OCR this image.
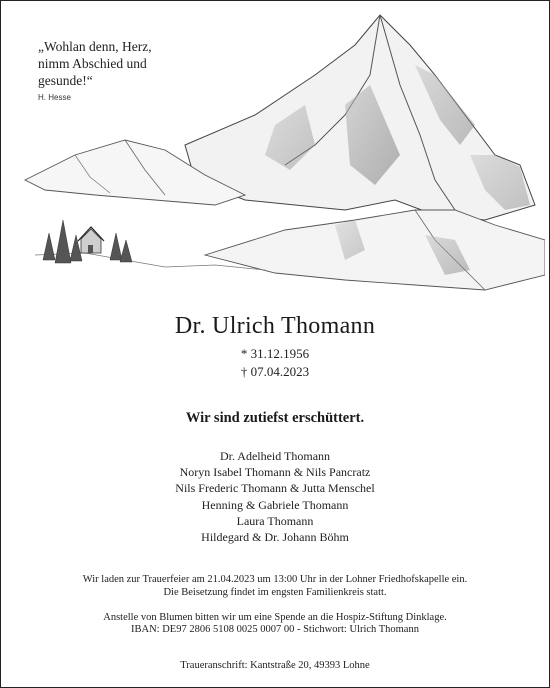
„Wohlan denn, Herz,
nimm Abschied und
gesunde!“
H. Hesse
Dr. Ulrich Thomann
* 31.12.1956
† 07.04.2023
Wir sind zutiefst erschüttert.
Dr. Adelheid Thomann
Noryn Isabel Thomann & Nils Pancratz
Nils Frederic Thomann & Jutta Menschel
Henning & Gabriele Thomann
Laura Thomann
Hildegard & Dr. Johann Böhm
Wir laden zur Trauerfeier am 21.04.2023 um 13:00 Uhr in der Lohner Friedhofskapelle ein.
Die Beisetzung findet im engsten Familienkreis statt.
Anstelle von Blumen bitten wir um eine Spende an die Hospiz-Stiftung Dinklage.
IBAN: DE97 2806 5108 0025 0007 00 - Stichwort: Ulrich Thomann
Traueranschrift: Kantstraße 20, 49393 Lohne
